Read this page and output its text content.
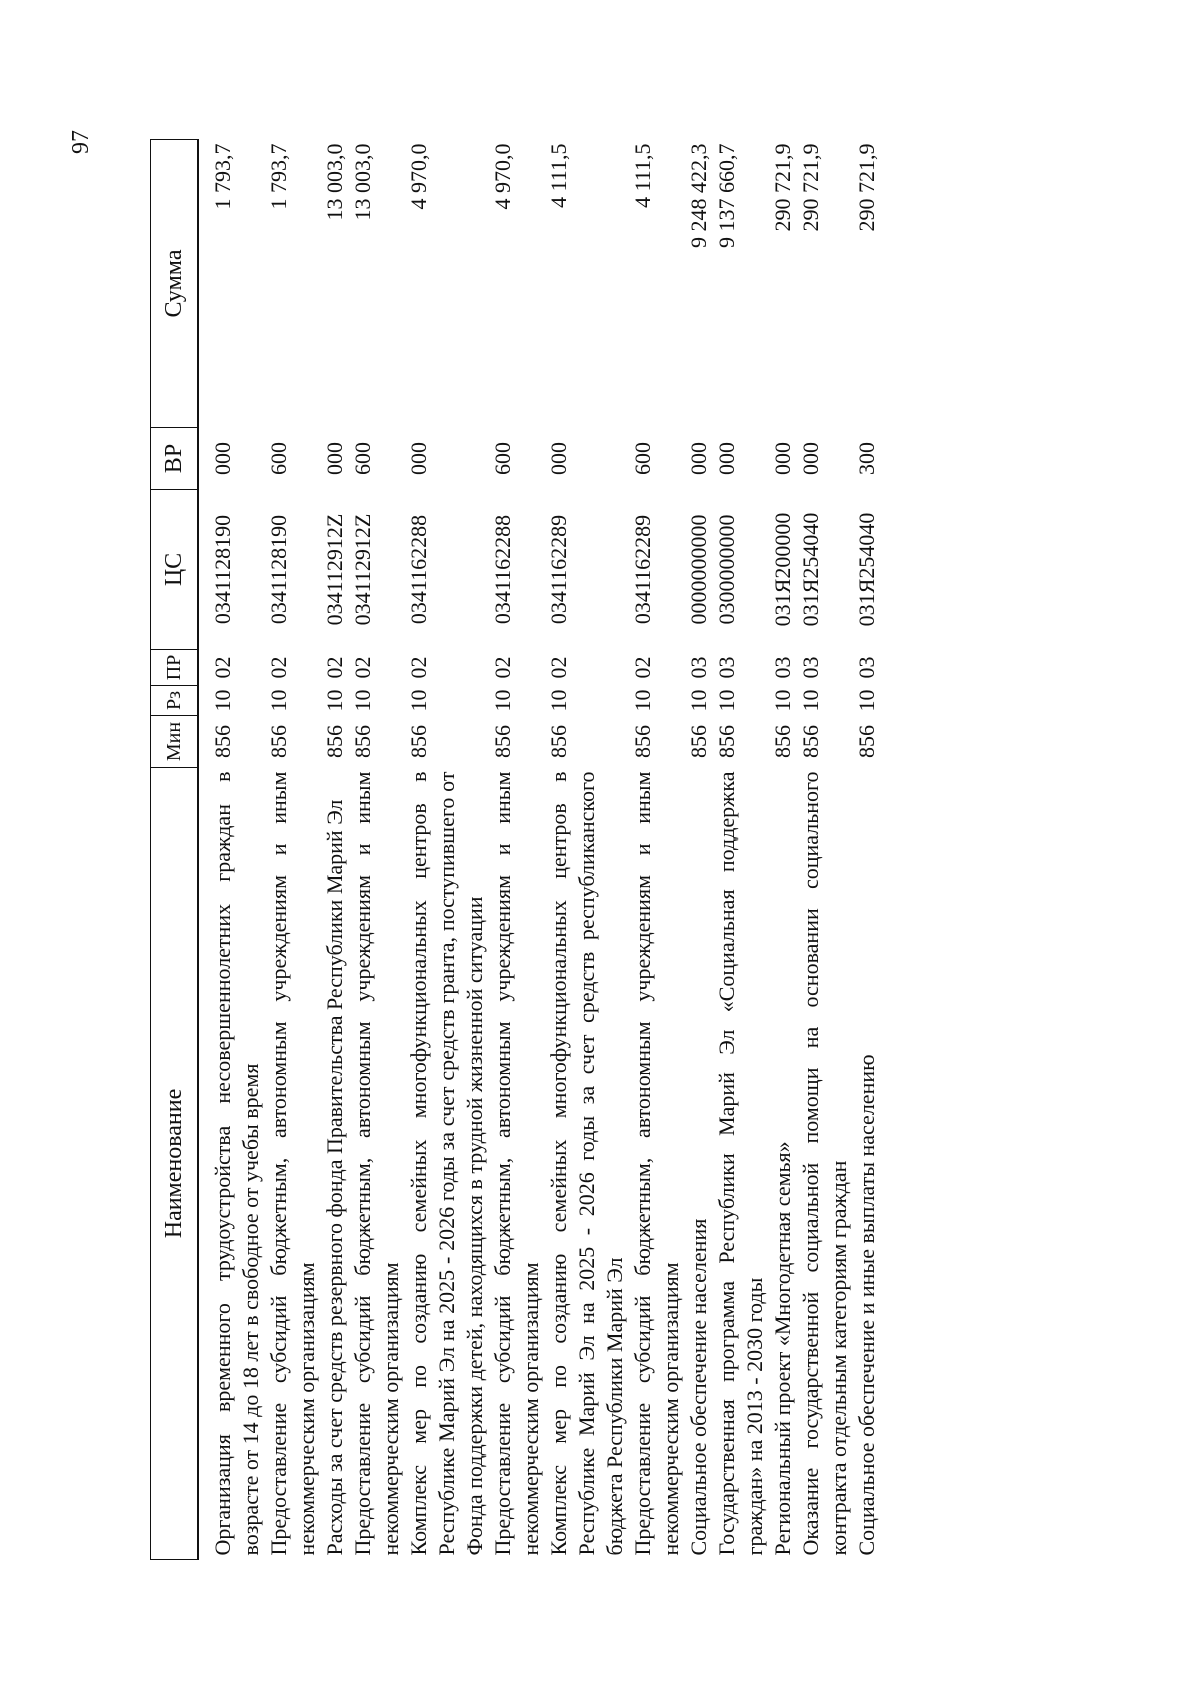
97
Наименование	Мин	Рз	ПР	ЦС	ВР	Сумма
Организация временного трудоустройства несовершеннолетних граждан в возрасте от 14 до 18 лет в свободное от учебы время	856	10	02	0341128190	000	1 793,7
Предоставление субсидий бюджетным, автономным учреждениям и иным некоммерческим организациям	856	10	02	0341128190	600	1 793,7
Расходы за счет средств резервного фонда Правительства Республики Марий Эл	856	10	02	034112912Z	000	13 003,0
Предоставление субсидий бюджетным, автономным учреждениям и иным некоммерческим организациям	856	10	02	034112912Z	600	13 003,0
Комплекс мер по созданию семейных многофункциональных центров в Республике Марий Эл на 2025 - 2026 годы за счет средств гранта, поступившего от Фонда поддержки детей, находящихся в трудной жизненной ситуации	856	10	02	0341162288	000	4 970,0
Предоставление субсидий бюджетным, автономным учреждениям и иным некоммерческим организациям	856	10	02	0341162288	600	4 970,0
Комплекс мер по созданию семейных многофункциональных центров в Республике Марий Эл на 2025 - 2026 годы за счет средств республиканского бюджета Республики Марий Эл	856	10	02	0341162289	000	4 111,5
Предоставление субсидий бюджетным, автономным учреждениям и иным некоммерческим организациям	856	10	02	0341162289	600	4 111,5
Социальное обеспечение населения	856	10	03	0000000000	000	9 248 422,3
Государственная программа Республики Марий Эл «Социальная поддержка граждан» на 2013 - 2030 годы	856	10	03	0300000000	000	9 137 660,7
Региональный проект «Многодетная семья»	856	10	03	031Я200000	000	290 721,9
Оказание государственной социальной помощи на основании социального контракта отдельным категориям граждан	856	10	03	031Я254040	000	290 721,9
Социальное обеспечение и иные выплаты населению	856	10	03	031Я254040	300	290 721,9
